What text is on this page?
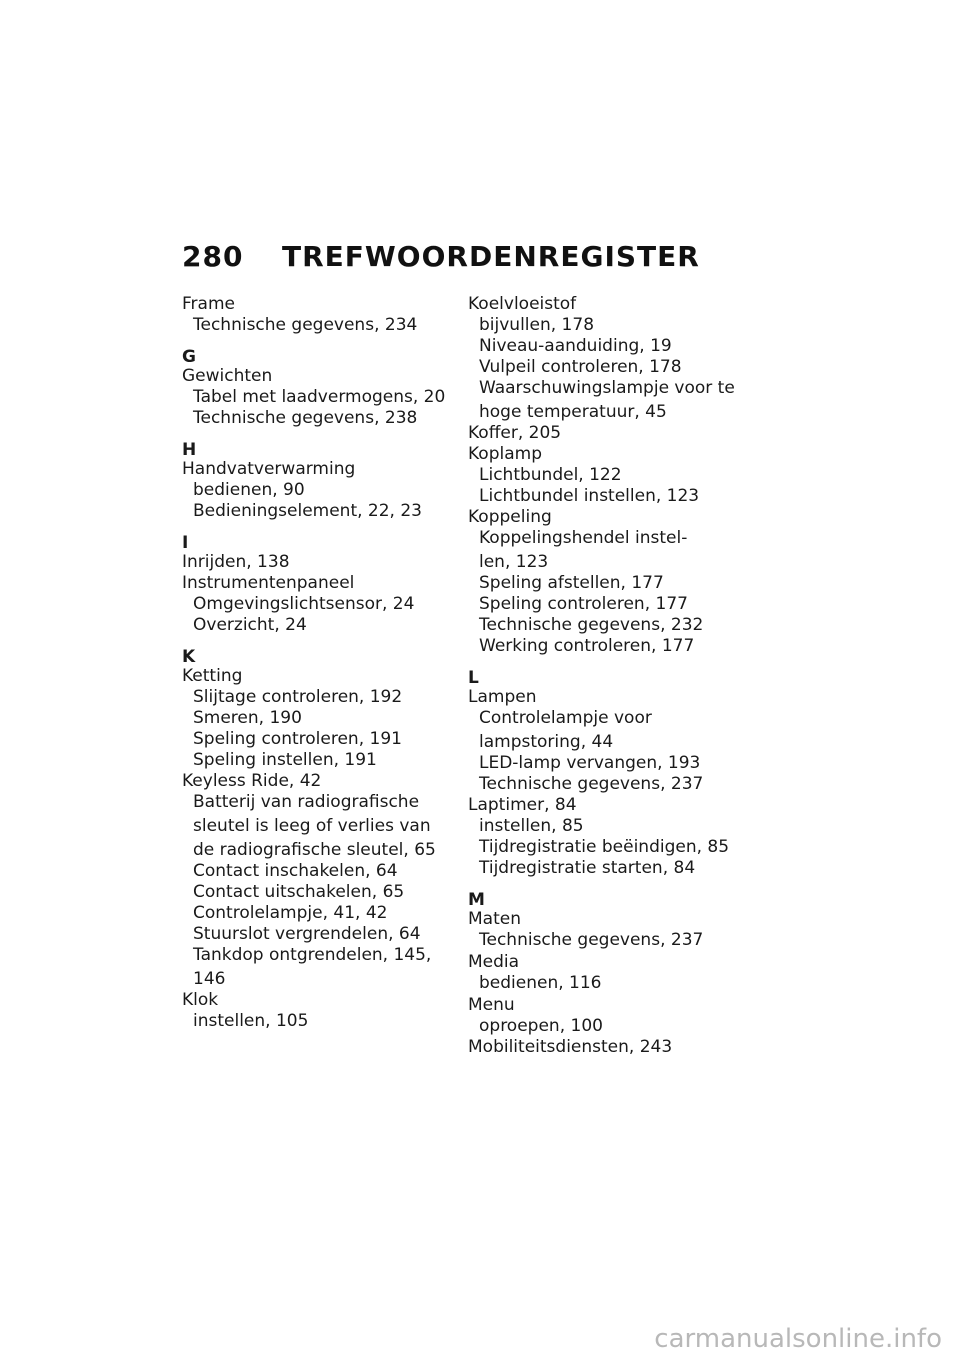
280	TREFWOORDENREGISTER

Frame

Technische gegevens, 234

G

Gewichten

Tabel met laadvermogens, 20

Technische gegevens, 238

H

Handvatverwarming

bedienen, 90

Bedieningselement, 22, 23

I

Inrijden, 138

Instrumentenpaneel

Omgevingslichtsensor, 24

Overzicht, 24

K

Ketting

Slijtage controleren, 192

Smeren, 190

Speling controleren, 191

Speling instellen, 191

Keyless Ride, 42

Batterij van radiografische
sleutel is leeg of verlies van
de radiografische sleutel, 65

Contact inschakelen, 64

Contact uitschakelen, 65

Controlelampje, 41, 42

Stuurslot vergrendelen, 64

Tankdop ontgrendelen, 145,
146

Klok

instellen, 105

Koelvloeistof

bijvullen, 178

Niveau-aanduiding, 19

Vulpeil controleren, 178

Waarschuwingslampje voor te
hoge temperatuur, 45

Koffer, 205

Koplamp

Lichtbundel, 122

Lichtbundel instellen, 123

Koppeling

Koppelingshendel instel-
len, 123

Speling afstellen, 177

Speling controleren, 177

Technische gegevens, 232

Werking controleren, 177

L

Lampen

Controlelampje voor
lampstoring, 44

LED-lamp vervangen, 193

Technische gegevens, 237

Laptimer, 84

instellen, 85

Tijdregistratie beëindigen, 85

Tijdregistratie starten, 84

M

Maten

Technische gegevens, 237

Media

bedienen, 116

Menu

oproepen, 100

Mobiliteitsdiensten, 243

carmanualsonline.info
